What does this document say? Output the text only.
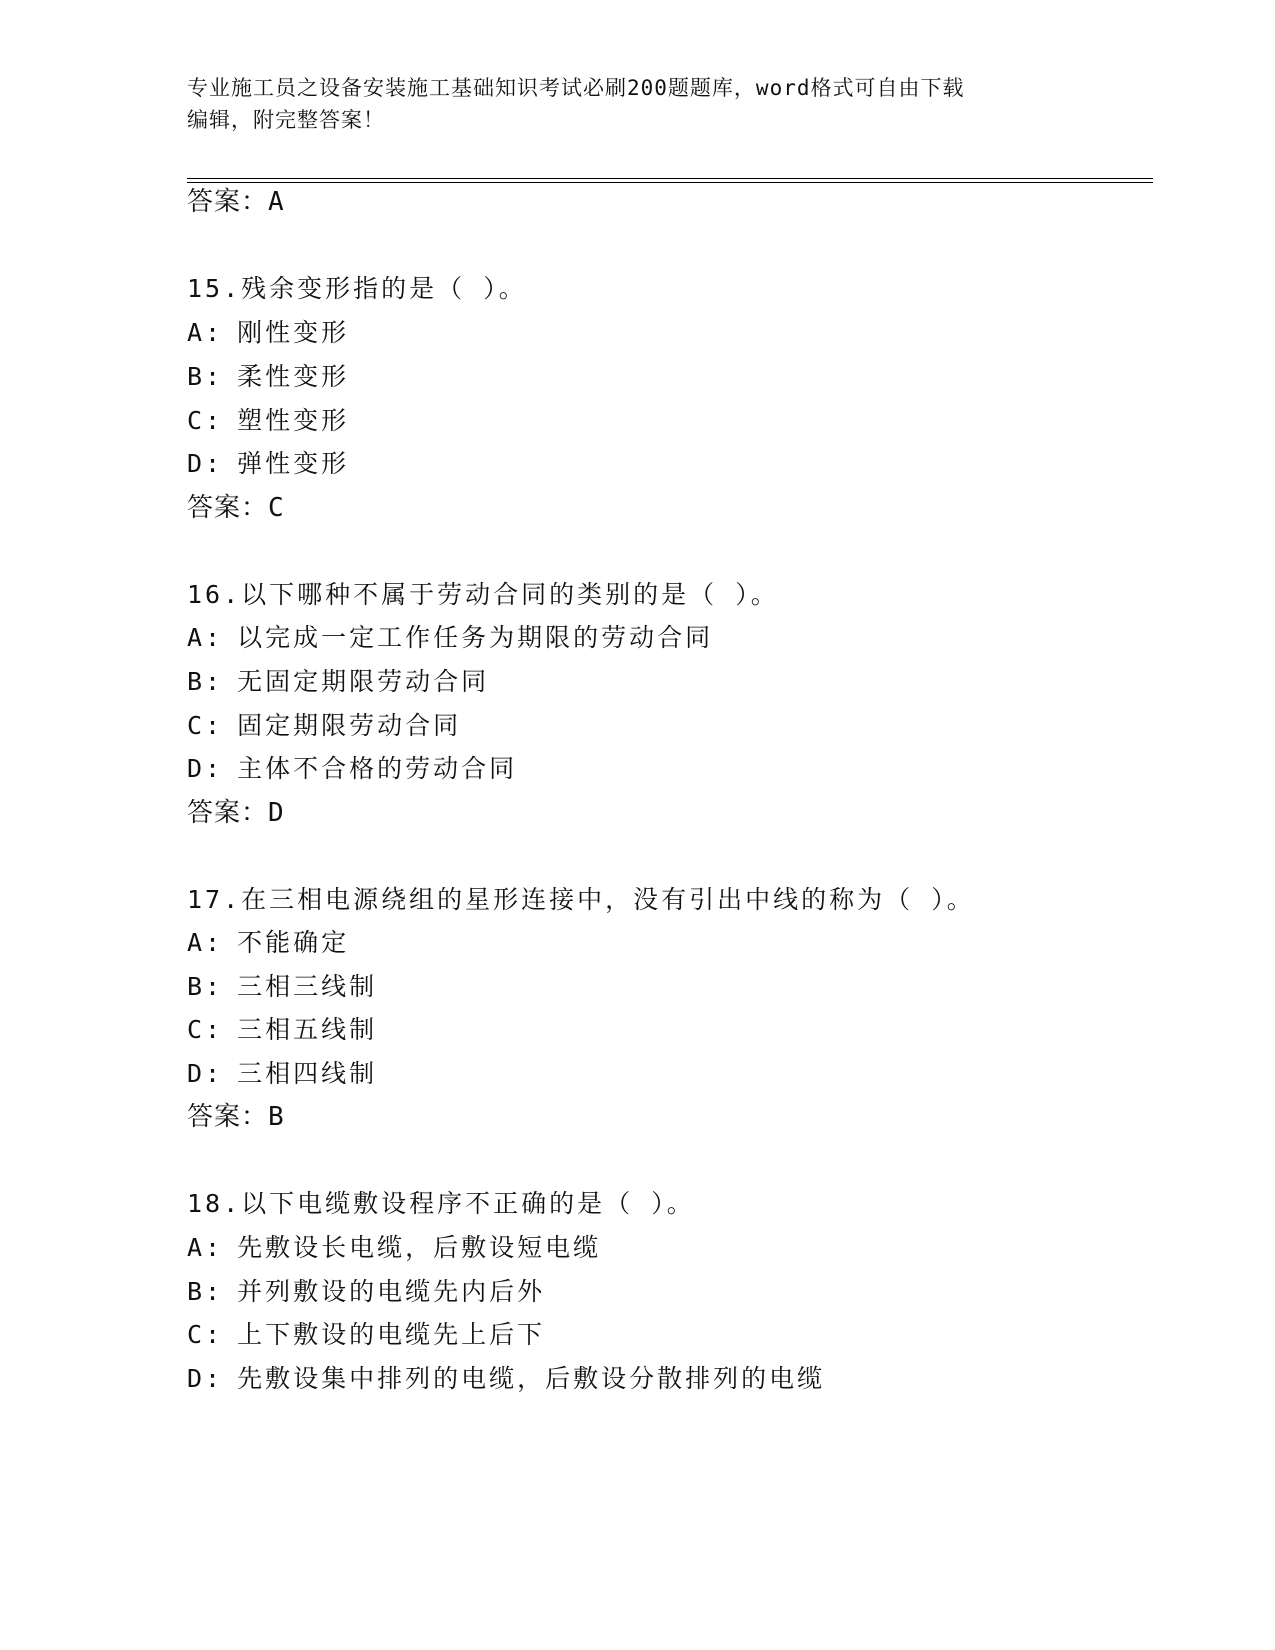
专业施工员之设备安装施工基础知识考试必刷200题题库，word格式可自由下载
编辑，附完整答案！
答案：A
15.残余变形指的是（ ）。
A: 刚性变形
B: 柔性变形
C: 塑性变形
D: 弹性变形
答案：C
16.以下哪种不属于劳动合同的类别的是（ ）。
A: 以完成一定工作任务为期限的劳动合同
B: 无固定期限劳动合同
C: 固定期限劳动合同
D: 主体不合格的劳动合同
答案：D
17.在三相电源绕组的星形连接中，没有引出中线的称为（ ）。
A: 不能确定
B: 三相三线制
C: 三相五线制
D: 三相四线制
答案：B
18.以下电缆敷设程序不正确的是（ ）。
A: 先敷设长电缆，后敷设短电缆
B: 并列敷设的电缆先内后外
C: 上下敷设的电缆先上后下
D: 先敷设集中排列的电缆，后敷设分散排列的电缆
